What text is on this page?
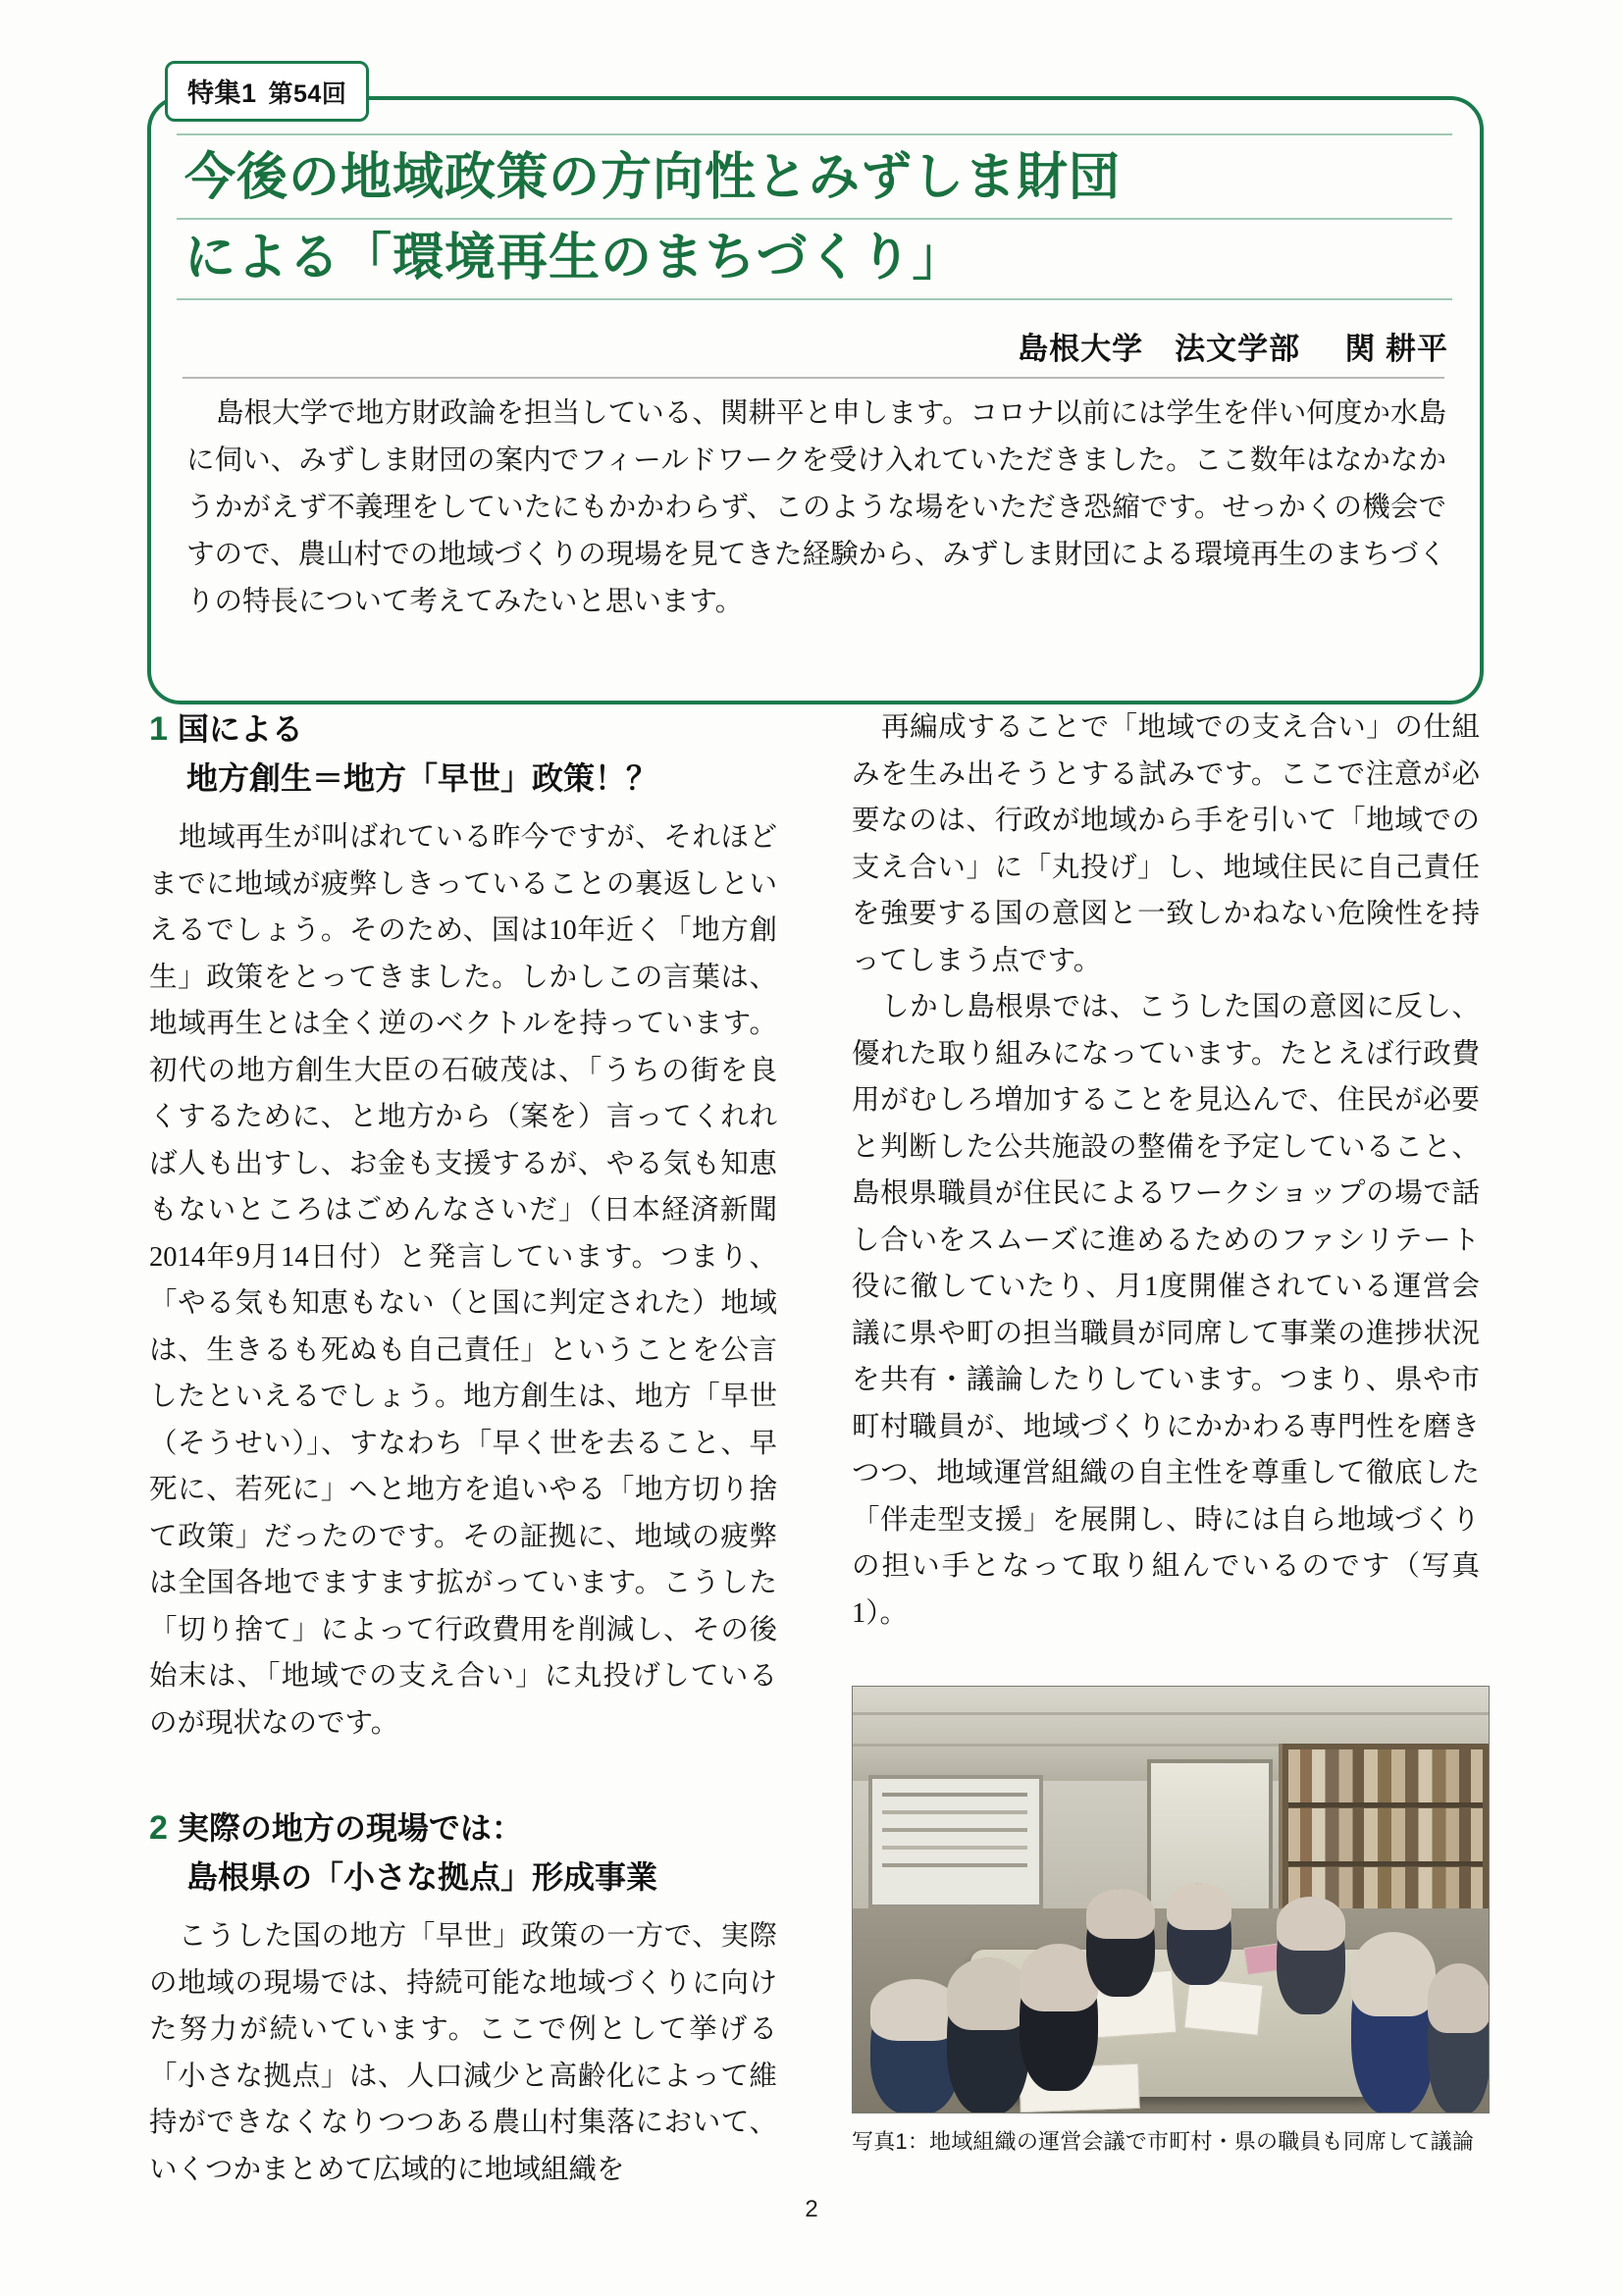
特集1 第54回
今後の地域政策の方向性とみずしま財団
による「環境再生のまちづくり」
島根大学　法文学部 関 耕平
島根大学で地方財政論を担当している、関耕平と申します。コロナ以前には学生を伴い何度か水島に伺い、みずしま財団の案内でフィールドワークを受け入れていただきました。ここ数年はなかなかうかがえず不義理をしていたにもかかわらず、このような場をいただき恐縮です。せっかくの機会ですので、農山村での地域づくりの現場を見てきた経験から、みずしま財団による環境再生のまちづくりの特長について考えてみたいと思います。
1 国による
地方創生＝地方「早世」政策！？

地域再生が叫ばれている昨今ですが、それほどまでに地域が疲弊しきっていることの裏返しといえるでしょう。そのため、国は10年近く「地方創生」政策をとってきました。しかしこの言葉は、地域再生とは全く逆のベクトルを持っています。初代の地方創生大臣の石破茂は、「うちの街を良くするために、と地方から（案を）言ってくれれば人も出すし、お金も支援するが、やる気も知恵もないところはごめんなさいだ」（日本経済新聞2014年9月14日付）と発言しています。つまり、「やる気も知恵もない（と国に判定された）地域は、生きるも死ぬも自己責任」ということを公言したといえるでしょう。地方創生は、地方「早世（そうせい）」、すなわち「早く世を去ること、早死に、若死に」へと地方を追いやる「地方切り捨て政策」だったのです。その証拠に、地域の疲弊は全国各地でますます拡がっています。こうした「切り捨て」によって行政費用を削減し、その後始末は、「地域での支え合い」に丸投げしているのが現状なのです。

2 実際の地方の現場では：
島根県の「小さな拠点」形成事業

こうした国の地方「早世」政策の一方で、実際の地域の現場では、持続可能な地域づくりに向けた努力が続いています。ここで例として挙げる「小さな拠点」は、人口減少と高齢化によって維持ができなくなりつつある農山村集落において、いくつかまとめて広域的に地域組織を

再編成することで「地域での支え合い」の仕組みを生み出そうとする試みです。ここで注意が必要なのは、行政が地域から手を引いて「地域での支え合い」に「丸投げ」し、地域住民に自己責任を強要する国の意図と一致しかねない危険性を持ってしまう点です。

しかし島根県では、こうした国の意図に反し、優れた取り組みになっています。たとえば行政費用がむしろ増加することを見込んで、住民が必要と判断した公共施設の整備を予定していること、島根県職員が住民によるワークショップの場で話し合いをスムーズに進めるためのファシリテート役に徹していたり、月1度開催されている運営会議に県や町の担当職員が同席して事業の進捗状況を共有・議論したりしています。つまり、県や市町村職員が、地域づくりにかかわる専門性を磨きつつ、地域運営組織の自主性を尊重して徹底した「伴走型支援」を展開し、時には自ら地域づくりの担い手となって取り組んでいるのです（写真1）。

写真1：地域組織の運営会議で市町村・県の職員も同席して議論
2
